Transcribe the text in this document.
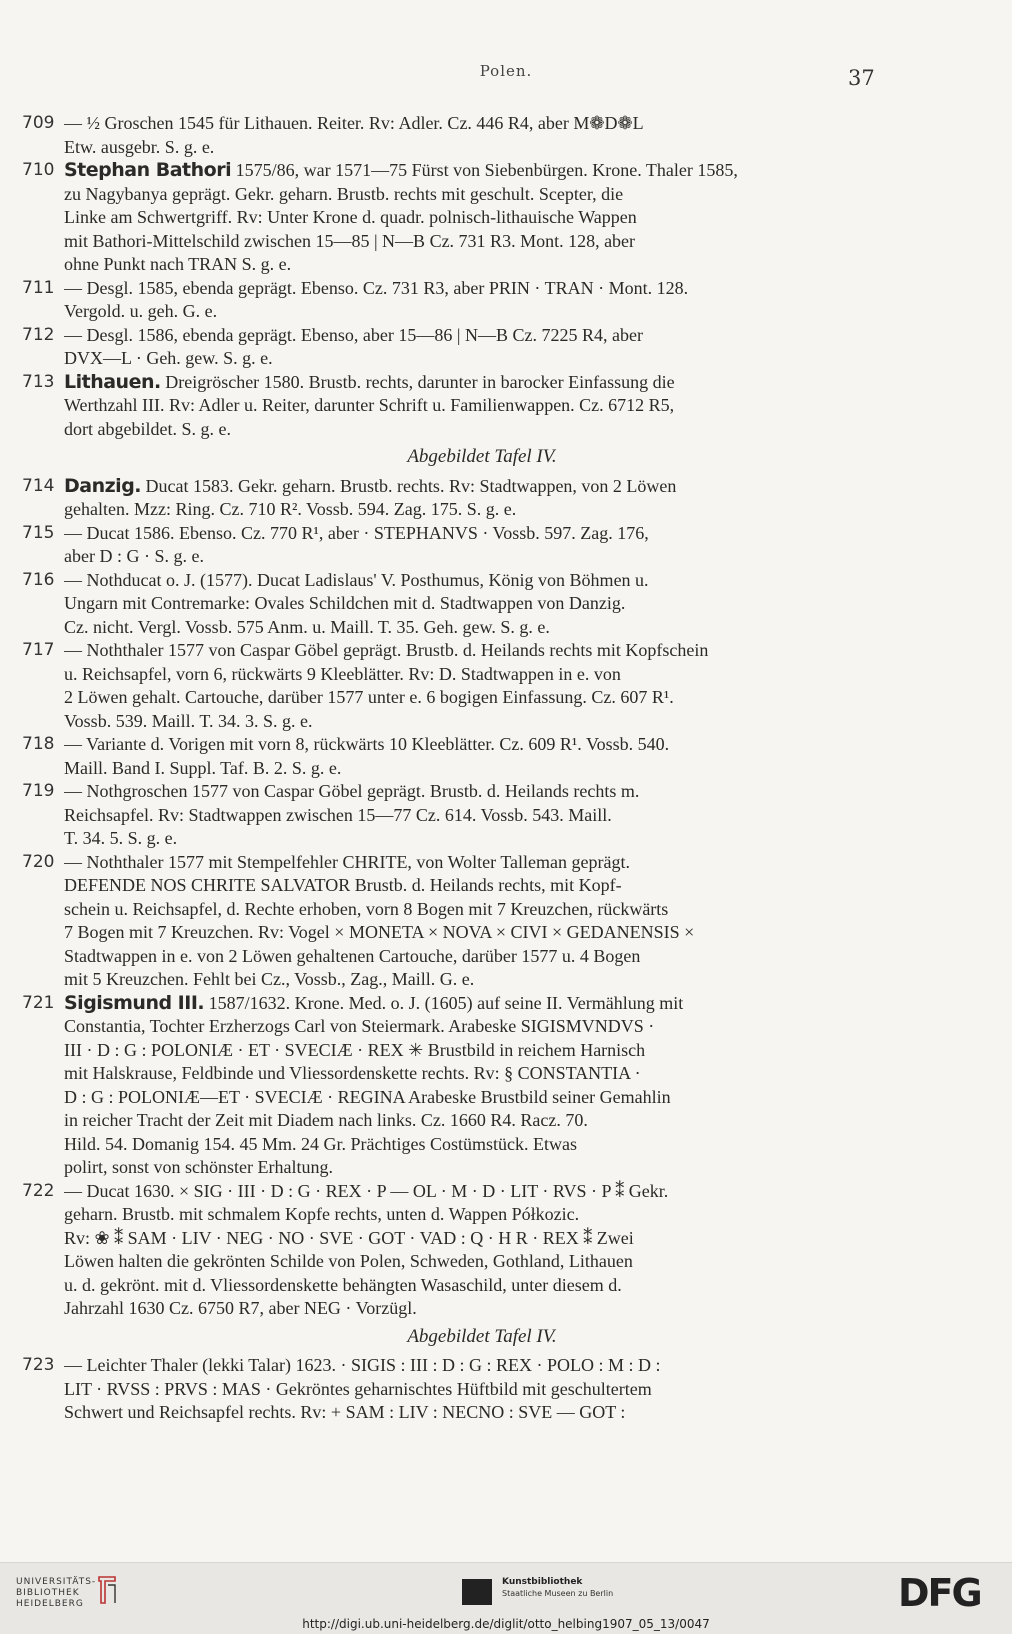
Polen.	37
709 — ½ Groschen 1545 für Lithauen. Reiter. Rv: Adler. Cz. 446 R4, aber M❁D❁L
Etw. ausgebr. S. g. e.
710 Stephan Bathori 1575/86, war 1571—75 Fürst von Siebenbürgen. Krone. Thaler 1585,
zu Nagybanya geprägt. Gekr. geharn. Brustb. rechts mit geschult. Scepter, die
Linke am Schwertgriff. Rv: Unter Krone d. quadr. polnisch-lithauische Wappen
mit Bathori-Mittelschild zwischen 15—85 | N—B Cz. 731 R3. Mont. 128, aber
ohne Punkt nach TRAN S. g. e.
711 — Desgl. 1585, ebenda geprägt. Ebenso. Cz. 731 R3, aber PRIN · TRAN · Mont. 128.
Vergold. u. geh. G. e.
712 — Desgl. 1586, ebenda geprägt. Ebenso, aber 15—86 | N—B Cz. 7225 R4, aber
DVX—L · Geh. gew. S. g. e.
713 Lithauen. Dreigröscher 1580. Brustb. rechts, darunter in barocker Einfassung die
Werthzahl III. Rv: Adler u. Reiter, darunter Schrift u. Familienwappen. Cz. 6712 R5,
dort abgebildet. S. g. e.
Abgebildet Tafel IV.
714 Danzig. Ducat 1583. Gekr. geharn. Brustb. rechts. Rv: Stadtwappen, von 2 Löwen
gehalten. Mzz: Ring. Cz. 710 R². Vossb. 594. Zag. 175. S. g. e.
715 — Ducat 1586. Ebenso. Cz. 770 R¹, aber · STEPHANVS · Vossb. 597. Zag. 176,
aber D : G · S. g. e.
716 — Nothducat o. J. (1577). Ducat Ladislaus' V. Posthumus, König von Böhmen u.
Ungarn mit Contremarke: Ovales Schildchen mit d. Stadtwappen von Danzig.
Cz. nicht. Vergl. Vossb. 575 Anm. u. Maill. T. 35. Geh. gew. S. g. e.
717 — Noththaler 1577 von Caspar Göbel geprägt. Brustb. d. Heilands rechts mit Kopfschein
u. Reichsapfel, vorn 6, rückwärts 9 Kleeblätter. Rv: D. Stadtwappen in e. von
2 Löwen gehalt. Cartouche, darüber 1577 unter e. 6 bogigen Einfassung. Cz. 607 R¹.
Vossb. 539. Maill. T. 34. 3. S. g. e.
718 — Variante d. Vorigen mit vorn 8, rückwärts 10 Kleeblätter. Cz. 609 R¹. Vossb. 540.
Maill. Band I. Suppl. Taf. B. 2. S. g. e.
719 — Nothgroschen 1577 von Caspar Göbel geprägt. Brustb. d. Heilands rechts m.
Reichsapfel. Rv: Stadtwappen zwischen 15—77 Cz. 614. Vossb. 543. Maill.
T. 34. 5. S. g. e.
720 — Noththaler 1577 mit Stempelfehler CHRITE, von Wolter Talleman geprägt.
DEFENDE NOS CHRITE SALVATOR Brustb. d. Heilands rechts, mit Kopf-
schein u. Reichsapfel, d. Rechte erhoben, vorn 8 Bogen mit 7 Kreuzchen, rückwärts
7 Bogen mit 7 Kreuzchen. Rv: Vogel × MONETA × NOVA × CIVI × GEDANENSIS ×
Stadtwappen in e. von 2 Löwen gehaltenen Cartouche, darüber 1577 u. 4 Bogen
mit 5 Kreuzchen. Fehlt bei Cz., Vossb., Zag., Maill. G. e.
721 Sigismund III. 1587/1632. Krone. Med. o. J. (1605) auf seine II. Vermählung mit
Constantia, Tochter Erzherzogs Carl von Steiermark. Arabeske SIGISMVNDVS ·
III · D : G : POLONIÆ · ET · SVECIÆ · REX ✳ Brustbild in reichem Harnisch
mit Halskrause, Feldbinde und Vliessordenskette rechts. Rv: § CONSTANTIA ·
D : G : POLONIÆ—ET · SVECIÆ · REGINA Arabeske Brustbild seiner Gemahlin
in reicher Tracht der Zeit mit Diadem nach links. Cz. 1660 R4. Racz. 70.
Hild. 54. Domanig 154. 45 Mm. 24 Gr. Prächtiges Costümstück. Etwas
polirt, sonst von schönster Erhaltung.
722 — Ducat 1630. × SIG · III · D : G · REX · P — OL · M · D · LIT · RVS · P ⁑ Gekr.
geharn. Brustb. mit schmalem Kopfe rechts, unten d. Wappen Półkozic.
Rv: ❀ ⁑ SAM · LIV · NEG · NO · SVE · GOT · VAD : Q · H R · REX ⁑ Zwei
Löwen halten die gekrönten Schilde von Polen, Schweden, Gothland, Lithauen
u. d. gekrönt. mit d. Vliessordenskette behängten Wasaschild, unter diesem d.
Jahrzahl 1630 Cz. 6750 R7, aber NEG · Vorzügl.
Abgebildet Tafel IV.
723 — Leichter Thaler (lekki Talar) 1623. · SIGIS : III : D : G : REX · POLO : M : D :
LIT · RVSS : PRVS : MAS · Gekröntes geharnischtes Hüftbild mit geschultertem
Schwert und Reichsapfel rechts. Rv: + SAM : LIV : NECNO : SVE — GOT :
UNIVERSITÄTS-
BIBLIOTHEK
HEIDELBERG
Kunstbibliothek
Staatliche Museen zu Berlin	DFG
http://digi.ub.uni-heidelberg.de/diglit/otto_helbing1907_05_13/0047
